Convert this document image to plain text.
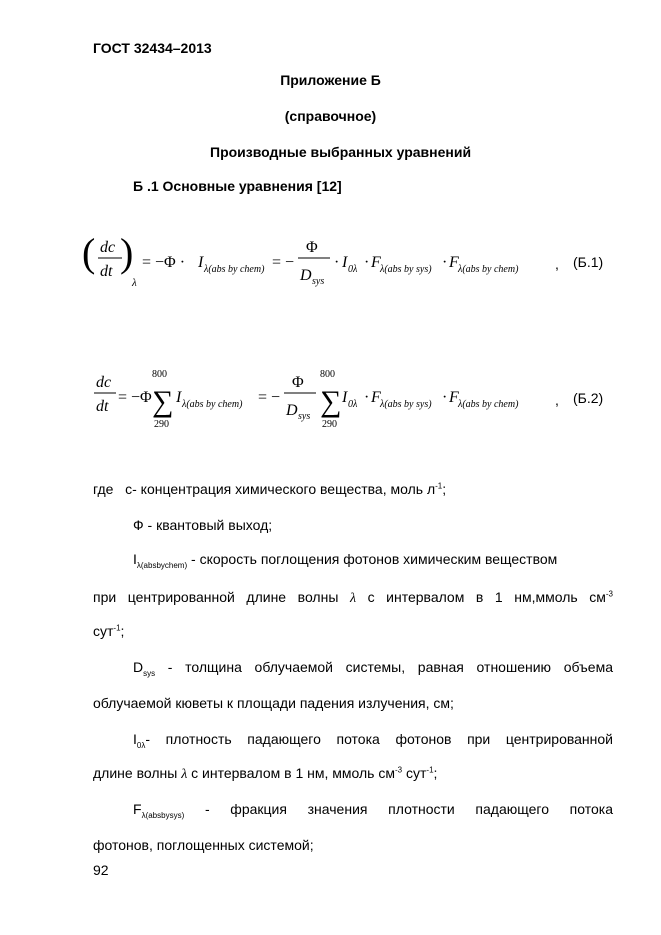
ГОСТ 32434–2013
Приложение Б
(справочное)
Производные выбранных уравнений
Б .1 Основные уравнения [12]
( dc
dt )
λ
= −Φ · I λ(abs by chem) = −
Φ
D sys
· I 0λ · F λ(abs by sys) · F λ(abs by chem)	, (Б.1)
dc
dt
= −Φ ·
800
∑
290
I λ(abs by chem) = −
Φ
D sys
800
∑
290
I 0λ · F λ(abs by sys) · F λ(abs by chem)	, (Б.2)
где с- концентрация химического вещества, моль $л^{-1}$;
Ф - квантовый выход;
$I_{\lambda(absbychem)}$ - скорость поглощения фотонов химическим веществом
при центрированной длине волны λ с интервалом в 1 нм,ммоль $см^{-3}$
сут$^{-1}$;
$D_{sys}$ - толщина облучаемой системы, равная отношению объема
облучаемой кюветы к площади падения излучения, см;
$I_{0\lambda}-$ плотность падающего потока фотонов при центрированной
длине волны λ с интервалом в 1 нм, ммоль $см^{-3}$ сут$^{-1}$;
$F_{\lambda(absbysys)}$ - фракция значения плотности падающего потока
фотонов, поглощенных системой;
92
